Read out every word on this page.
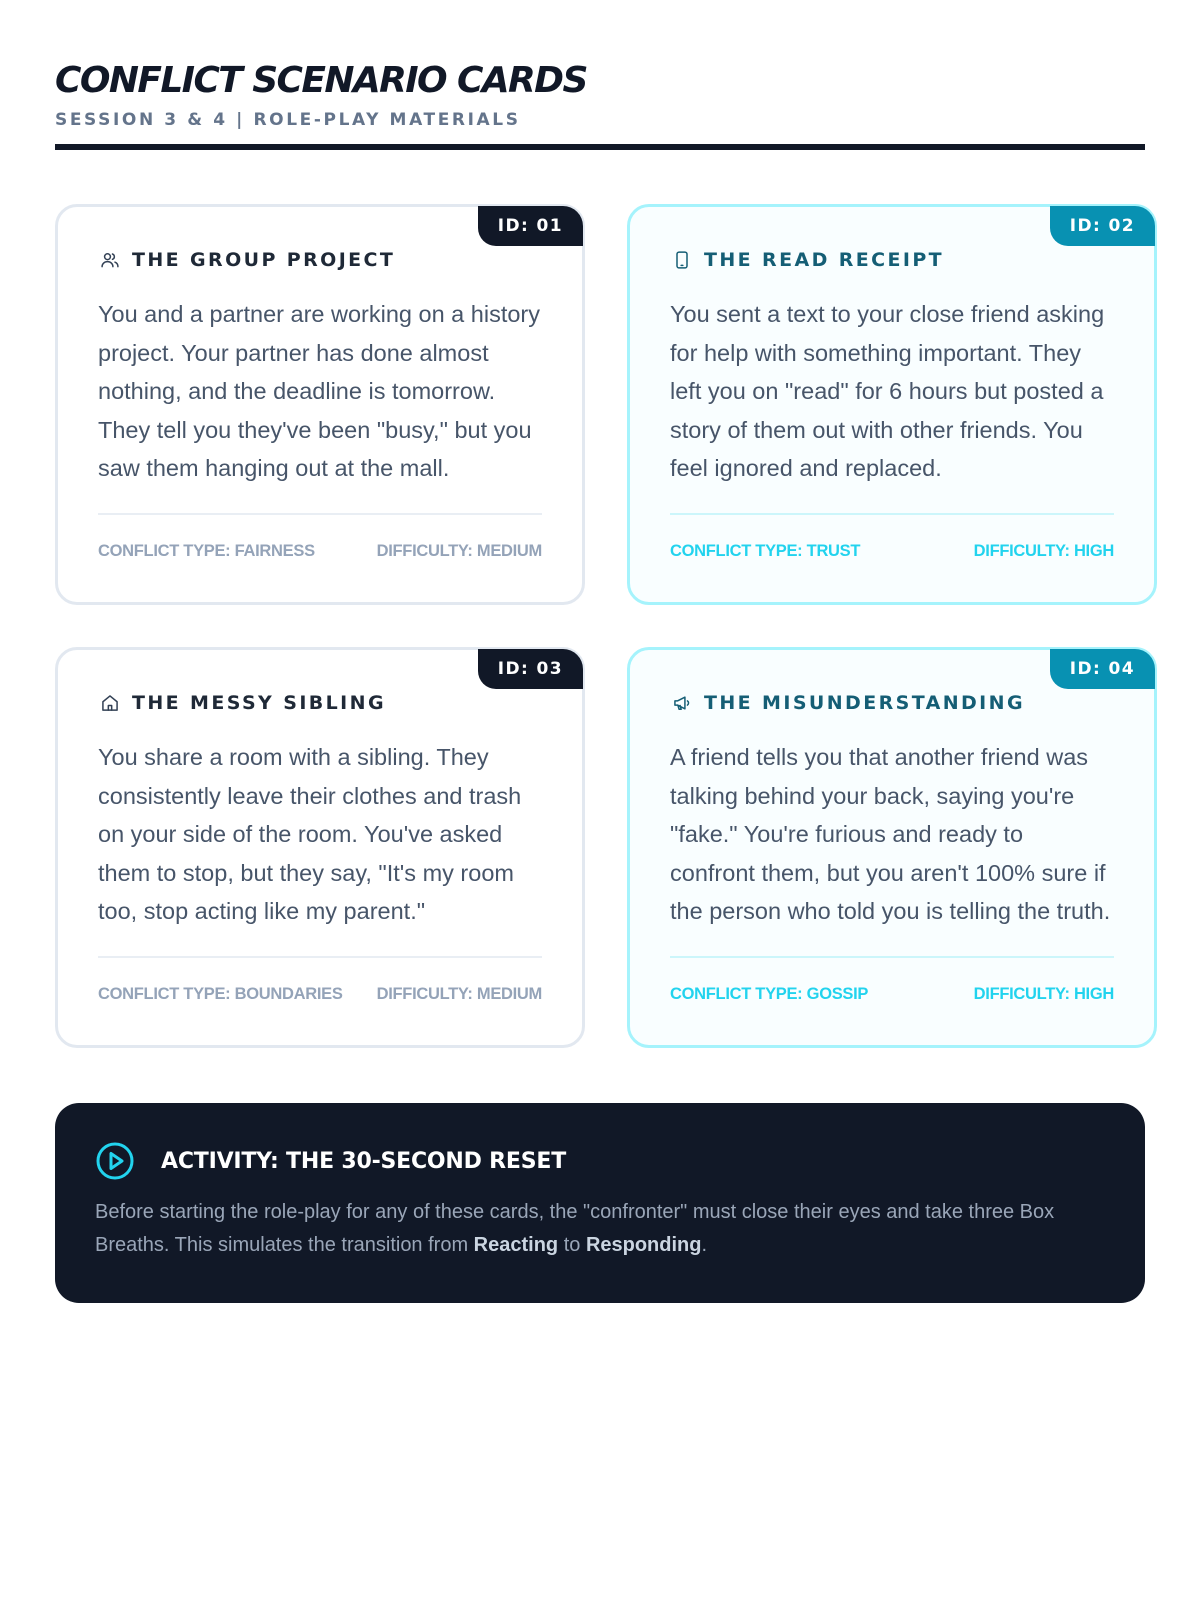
CONFLICT SCENARIO CARDS
SESSION 3 & 4 | ROLE-PLAY MATERIALS
ID: 01
THE GROUP PROJECT

You and a partner are working on a history project. Your partner has done almost nothing, and the deadline is tomorrow. They tell you they've been "busy," but you saw them hanging out at the mall.

CONFLICT TYPE: FAIRNESS	DIFFICULTY: MEDIUM
ID: 02
THE READ RECEIPT

You sent a text to your close friend asking for help with something important. They left you on "read" for 6 hours but posted a story of them out with other friends. You feel ignored and replaced.

CONFLICT TYPE: TRUST	DIFFICULTY: HIGH
ID: 03
THE MESSY SIBLING

You share a room with a sibling. They consistently leave their clothes and trash on your side of the room. You've asked them to stop, but they say, "It's my room too, stop acting like my parent."

CONFLICT TYPE: BOUNDARIES DIFFICULTY: MEDIUM
ID: 04
THE MISUNDERSTANDING

A friend tells you that another friend was talking behind your back, saying you're "fake." You're furious and ready to confront them, but you aren't 100% sure if the person who told you is telling the truth.

CONFLICT TYPE: GOSSIP	DIFFICULTY: HIGH
ACTIVITY: THE 30-SECOND RESET

Before starting the role-play for any of these cards, the "confronter" must close their eyes and take three Box Breaths. This simulates the transition from Reacting to Responding.
